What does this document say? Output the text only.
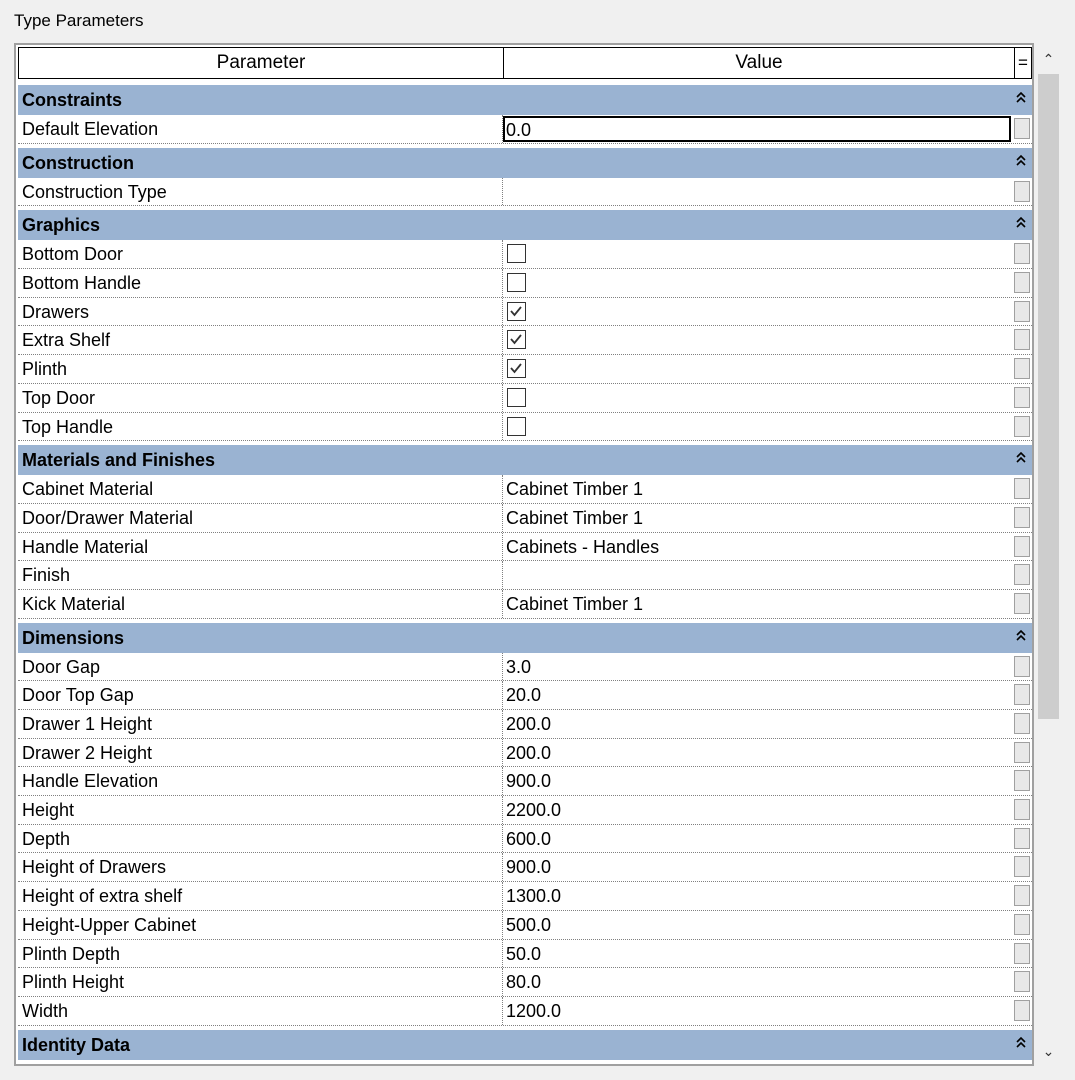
Type Parameters
Parameter	Value	=
Constraints
Default Elevation	0.0
Construction
Construction Type
Graphics
Bottom Door
Bottom Handle
Drawers
Extra Shelf
Plinth
Top Door
Top Handle
Materials and Finishes
Cabinet Material	Cabinet Timber 1
Door/Drawer Material	Cabinet Timber 1
Handle Material	Cabinets - Handles
Finish
Kick Material	Cabinet Timber 1
Dimensions
Door Gap	3.0
Door Top Gap	20.0
Drawer 1 Height	200.0
Drawer 2 Height	200.0
Handle Elevation	900.0
Height	2200.0
Depth	600.0
Height of Drawers	900.0
Height of extra shelf	1300.0
Height-Upper Cabinet	500.0
Plinth Depth	50.0
Plinth Height	80.0
Width	1200.0
Identity Data
⌃
⌄
